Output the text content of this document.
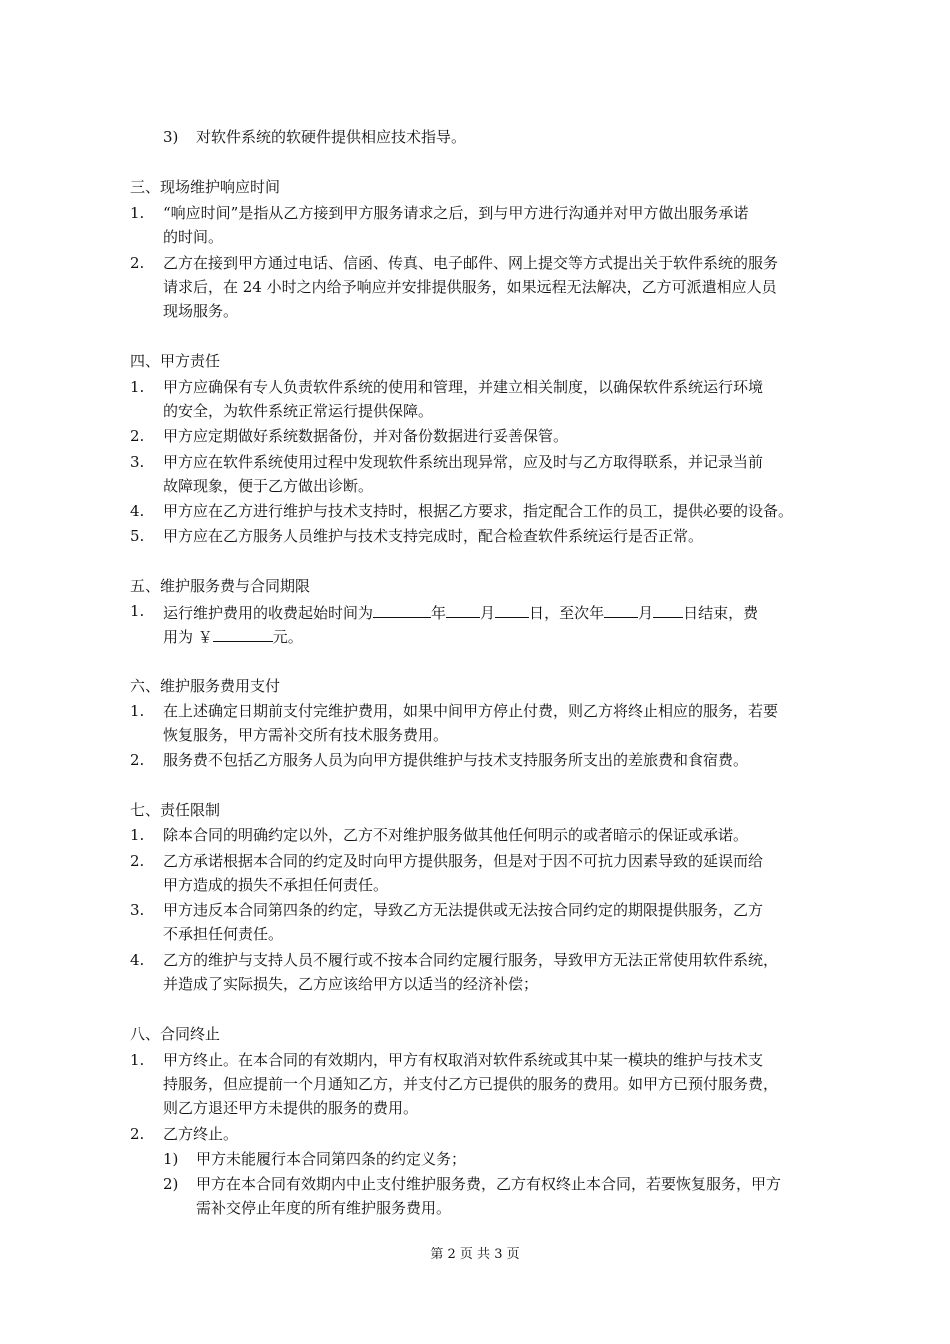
3) 对软件系统的软硬件提供相应技术指导。
三、现场维护响应时间
1. “响应时间”是指从乙方接到甲方服务请求之后，到与甲方进行沟通并对甲方做出服务承诺
的时间。
2. 乙方在接到甲方通过电话、信函、传真、电子邮件、网上提交等方式提出关于软件系统的服务
请求后，在 24 小时之内给予响应并安排提供服务，如果远程无法解决，乙方可派遣相应人员
现场服务。
四、甲方责任
1. 甲方应确保有专人负责软件系统的使用和管理，并建立相关制度，以确保软件系统运行环境
的安全，为软件系统正常运行提供保障。
2. 甲方应定期做好系统数据备份，并对备份数据进行妥善保管。
3. 甲方应在软件系统使用过程中发现软件系统出现异常，应及时与乙方取得联系，并记录当前
故障现象，便于乙方做出诊断。
4. 甲方应在乙方进行维护与技术支持时，根据乙方要求，指定配合工作的员工，提供必要的设备。
5. 甲方应在乙方服务人员维护与技术支持完成时，配合检查软件系统运行是否正常。
五、维护服务费与合同期限
1. 运行维护费用的收费起始时间为	年 月 日，至次年 月 日结束，费
用为 ￥	元。
六、维护服务费用支付
1. 在上述确定日期前支付完维护费用，如果中间甲方停止付费，则乙方将终止相应的服务，若要
恢复服务，甲方需补交所有技术服务费用。
2. 服务费不包括乙方服务人员为向甲方提供维护与技术支持服务所支出的差旅费和食宿费。
七、责任限制
1. 除本合同的明确约定以外，乙方不对维护服务做其他任何明示的或者暗示的保证或承诺。
2. 乙方承诺根据本合同的约定及时向甲方提供服务，但是对于因不可抗力因素导致的延误而给
甲方造成的损失不承担任何责任。
3. 甲方违反本合同第四条的约定，导致乙方无法提供或无法按合同约定的期限提供服务，乙方
不承担任何责任。
4. 乙方的维护与支持人员不履行或不按本合同约定履行服务，导致甲方无法正常使用软件系统，
并造成了实际损失，乙方应该给甲方以适当的经济补偿；
八、合同终止
1. 甲方终止。在本合同的有效期内，甲方有权取消对软件系统或其中某一模块的维护与技术支
持服务，但应提前一个月通知乙方，并支付乙方已提供的服务的费用。如甲方已预付服务费，
则乙方退还甲方未提供的服务的费用。
2. 乙方终止。
1) 甲方未能履行本合同第四条的约定义务；
2) 甲方在本合同有效期内中止支付维护服务费，乙方有权终止本合同，若要恢复服务，甲方
需补交停止年度的所有维护服务费用。
第 2 页 共 3 页
